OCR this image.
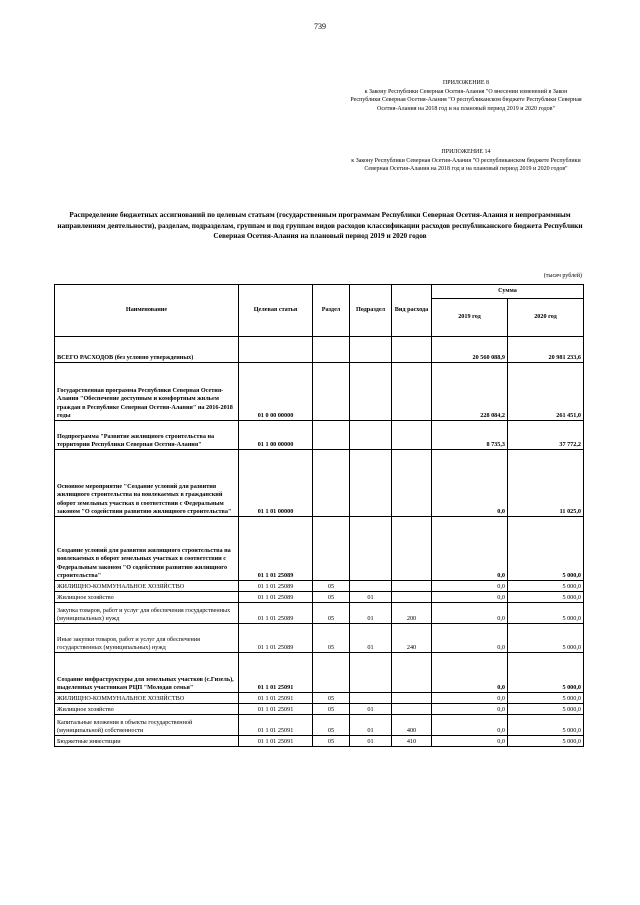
739
ПРИЛОЖЕНИЕ 8
к Закону Республики Северная Осетия-Алания "О внесении изменений в Закон Республики Северная Осетия-Алания "О республиканском бюджете Республики Северная Осетия-Алания на 2018 год и на плановый период 2019 и 2020 годов"
ПРИЛОЖЕНИЕ 14
к Закону Республики Северная Осетия-Алания "О республиканском бюджете Республики Северная Осетия-Алания на 2018 год и на плановый период 2019 и 2020 годов"
Распределение бюджетных ассигнований по целевым статьям (государственным программам Республики Северная Осетия-Алания и непрограммным направлениям деятельности), разделам, подразделам, группам и под группам видов расходов классификации расходов республиканского бюджета Республики Северная Осетия-Алания на плановый период 2019 и 2020 годов
(тысяч рублей)
Наименование	Целевая статья	Раздел	Подраздел	Вид расхода	Сумма	
					2019 год	2020 год
ВСЕГО РАСХОДОВ (без условно утвержденных)					20 560 088,9	20 981 233,6
Государственная программа Республики Северная Осетия-Алания "Обеспечение доступным и комфортным жильем граждан в Республике Северная Осетия-Алания" на 2016-2018 годы	01 0 00 00000				228 084,2	261 451,0
Подпрограмма "Развитие жилищного строительства на территории Республики Северная Осетия-Алания"	01 1 00 00000				8 735,3	37 772,2
Основное мероприятие "Создание условий для развития жилищного строительства на вовлекаемых в гражданский оборот земельных участках в соответствии с Федеральным законом "О содействии развитию жилищного строительства"	01 1 01 00000				0,0	11 025,0
Создание условий для развития жилищного строительства на вовлекаемых в оборот земельных участках в соответствии с Федеральным законом "О содействии развитию жилищного строительства"	01 1 01 25089				0,0	5 000,0
ЖИЛИЩНО-КОММУНАЛЬНОЕ ХОЗЯЙСТВО	01 1 01 25089	05			0,0	5 000,0
Жилищное хозяйство	01 1 01 25089	05	01		0,0	5 000,0
Закупка товаров, работ и услуг для обеспечения государственных (муниципальных) нужд	01 1 01 25089	05	01	200	0,0	5 000,0
Иные закупки товаров, работ и услуг для обеспечения государственных (муниципальных) нужд	01 1 01 25089	05	01	240	0,0	5 000,0
Создание инфраструктуры для земельных участков (с.Гизель), выделенных участникам РЦП "Молодая семья"	01 1 01 25091				0,0	5 000,0
ЖИЛИЩНО-КОММУНАЛЬНОЕ ХОЗЯЙСТВО	01 1 01 25091	05			0,0	5 000,0
Жилищное хозяйство	01 1 01 25091	05	01		0,0	5 000,0
Капитальные вложения в объекты государственной (муниципальной) собственности	01 1 01 25091	05	01	400	0,0	5 000,0
Бюджетные инвестиции	01 1 01 25091	05	01	410	0,0	5 000,0
